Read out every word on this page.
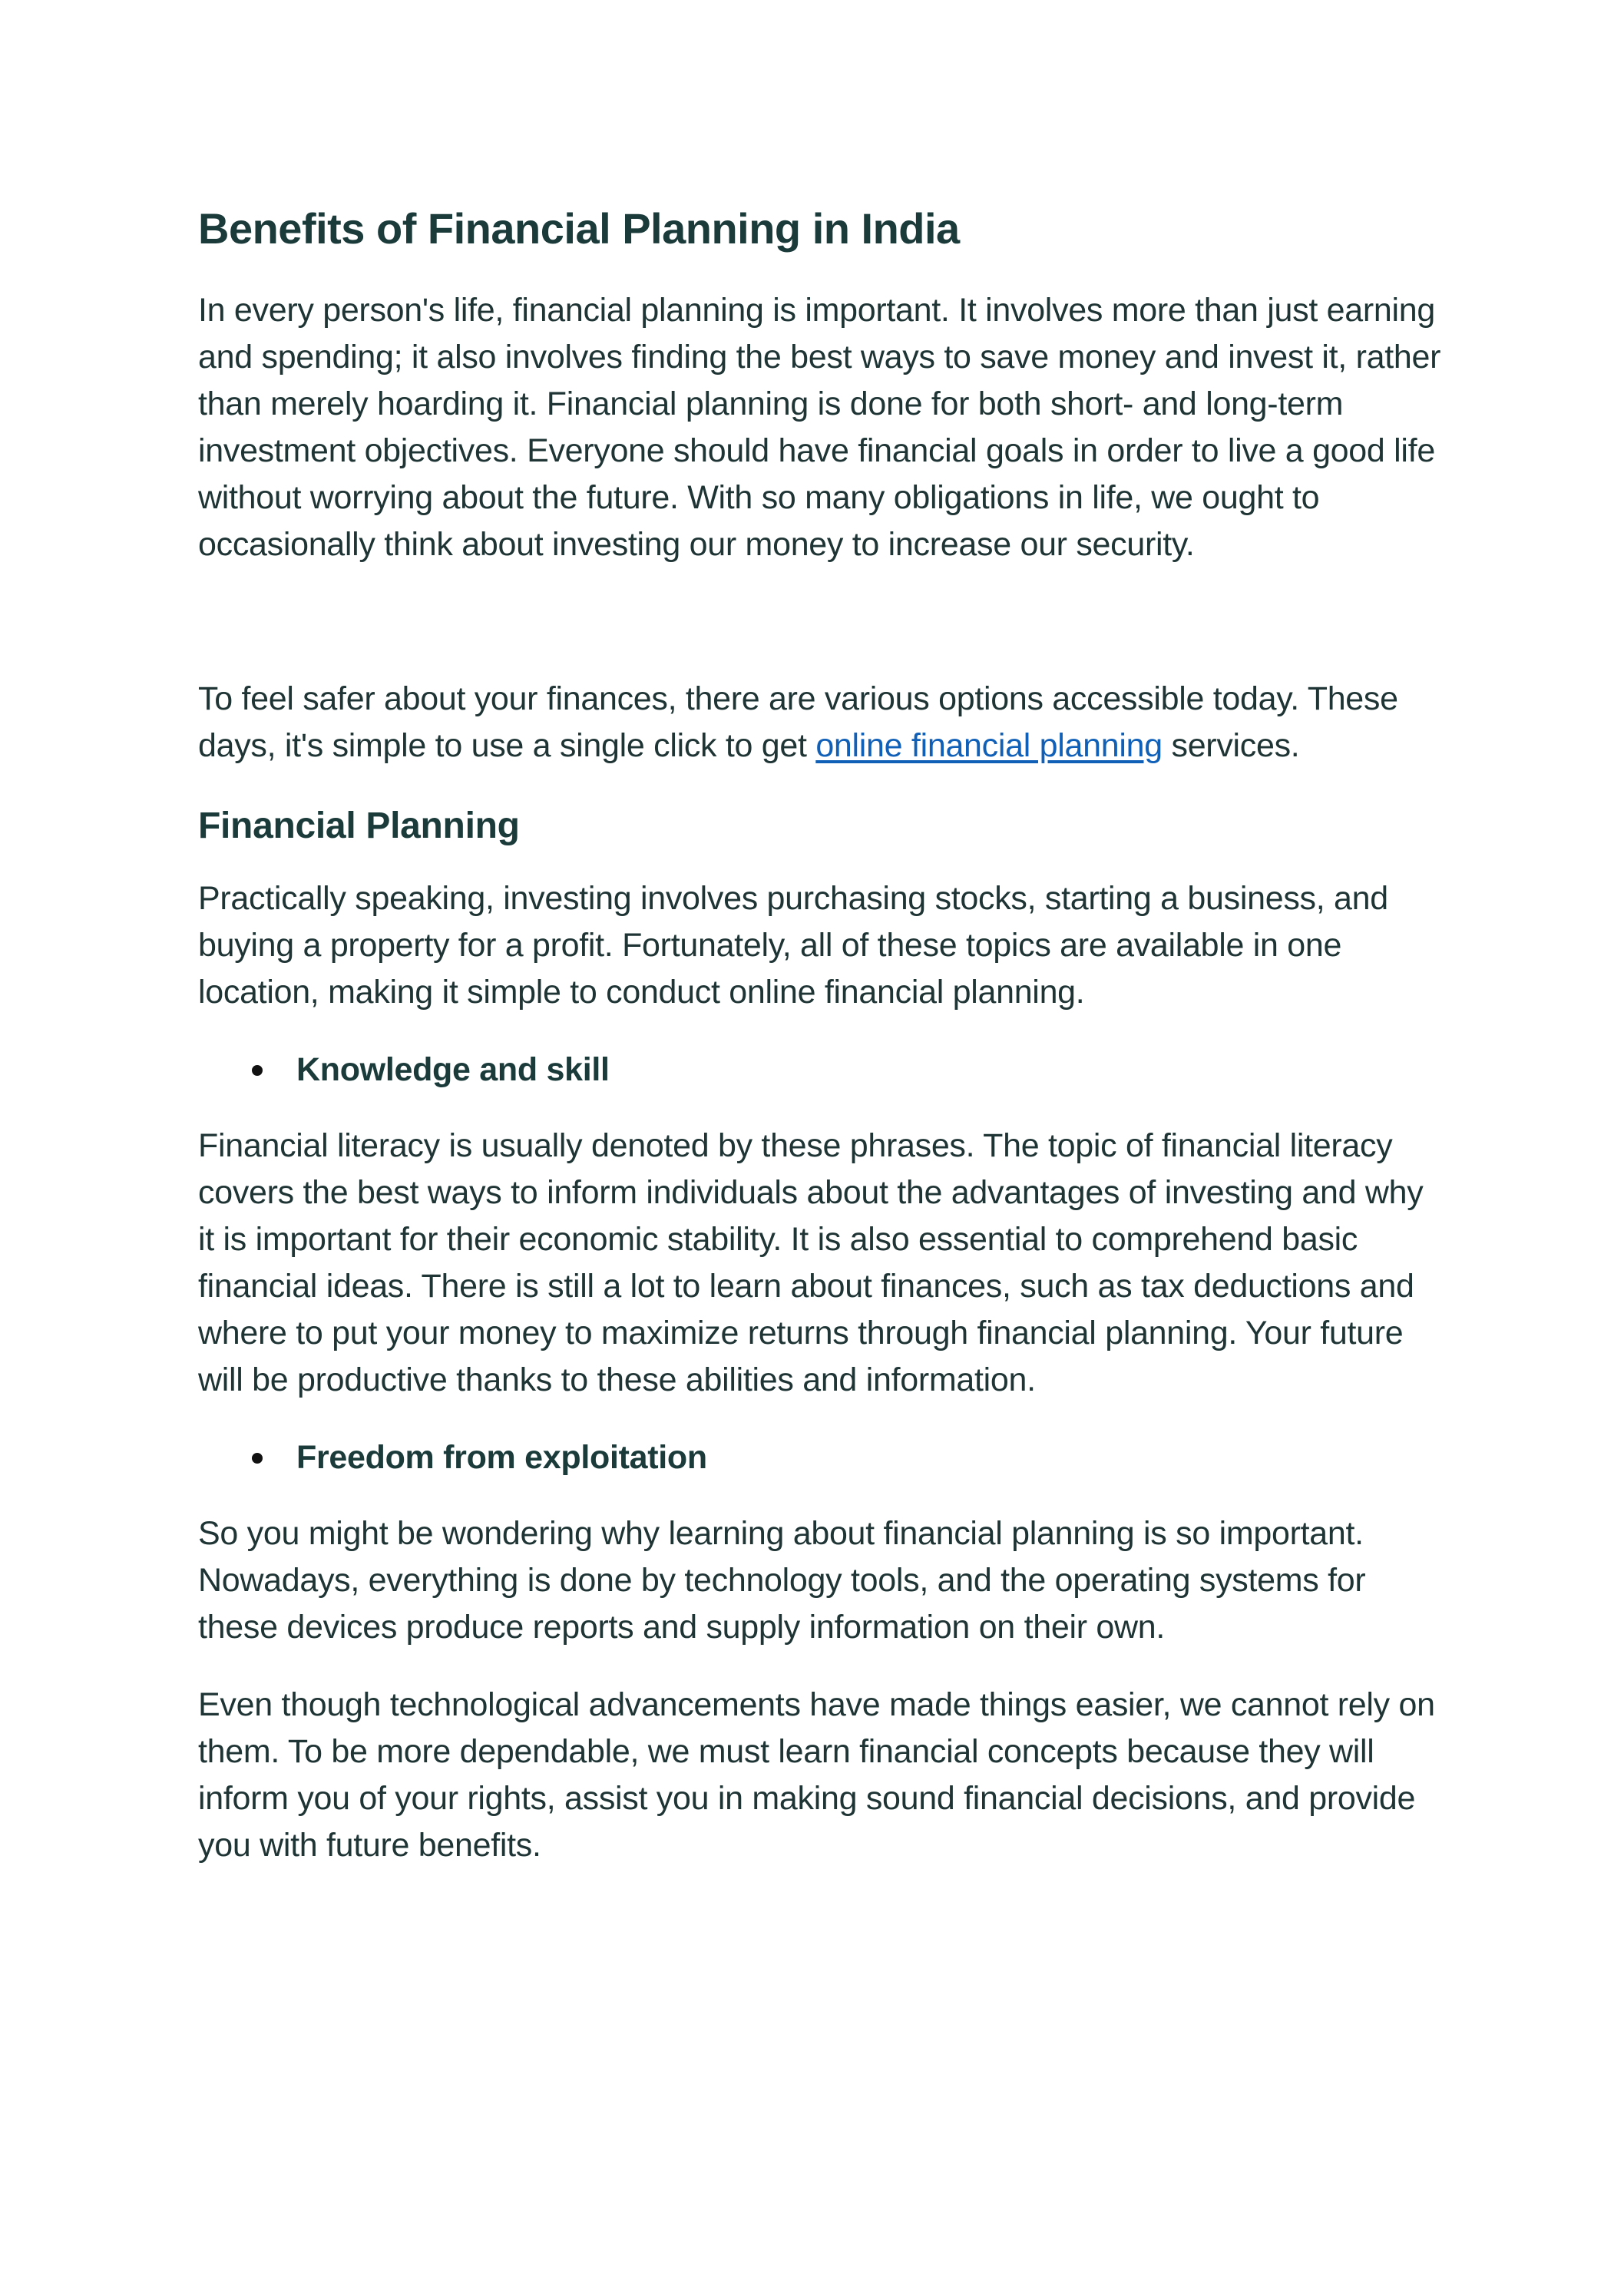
Benefits of Financial Planning in India

In every person's life, financial planning is important. It involves more than just earning and spending; it also involves finding the best ways to save money and invest it, rather than merely hoarding it. Financial planning is done for both short- and long-term investment objectives. Everyone should have financial goals in order to live a good life without worrying about the future. With so many obligations in life, we ought to occasionally think about investing our money to increase our security.

To feel safer about your finances, there are various options accessible today. These days, it's simple to use a single click to get online financial planning services.

Financial Planning

Practically speaking, investing involves purchasing stocks, starting a business, and buying a property for a profit. Fortunately, all of these topics are available in one location, making it simple to conduct online financial planning.

Knowledge and skill

Financial literacy is usually denoted by these phrases. The topic of financial literacy covers the best ways to inform individuals about the advantages of investing and why it is important for their economic stability. It is also essential to comprehend basic financial ideas. There is still a lot to learn about finances, such as tax deductions and where to put your money to maximize returns through financial planning. Your future will be productive thanks to these abilities and information.

Freedom from exploitation

So you might be wondering why learning about financial planning is so important. Nowadays, everything is done by technology tools, and the operating systems for these devices produce reports and supply information on their own.

Even though technological advancements have made things easier, we cannot rely on them. To be more dependable, we must learn financial concepts because they will inform you of your rights, assist you in making sound financial decisions, and provide you with future benefits.
